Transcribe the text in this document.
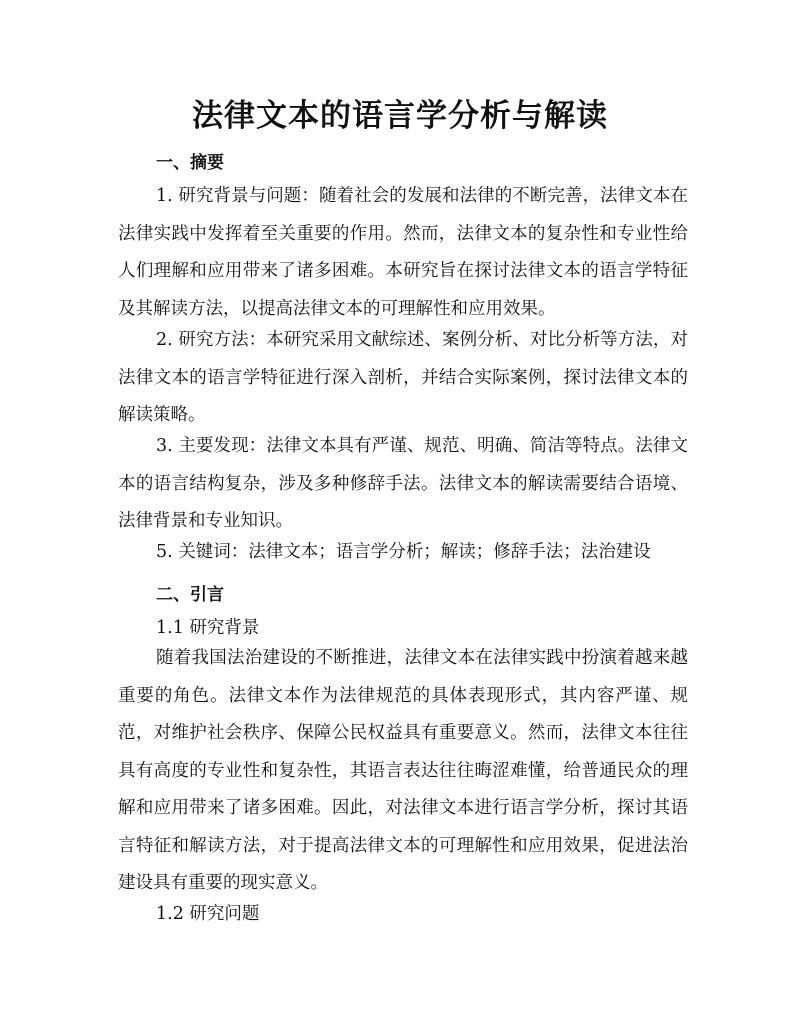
法律文本的语言学分析与解读
一、摘要

1. 研究背景与问题：随着社会的发展和法律的不断完善，法律文本在法律实践中发挥着至关重要的作用。然而，法律文本的复杂性和专业性给人们理解和应用带来了诸多困难。本研究旨在探讨法律文本的语言学特征及其解读方法，以提高法律文本的可理解性和应用效果。

2. 研究方法：本研究采用文献综述、案例分析、对比分析等方法，对法律文本的语言学特征进行深入剖析，并结合实际案例，探讨法律文本的解读策略。

3. 主要发现：法律文本具有严谨、规范、明确、简洁等特点。法律文本的语言结构复杂，涉及多种修辞手法。法律文本的解读需要结合语境、法律背景和专业知识。

5. 关键词：法律文本；语言学分析；解读；修辞手法；法治建设

二、引言
1.1 研究背景

随着我国法治建设的不断推进，法律文本在法律实践中扮演着越来越重要的角色。法律文本作为法律规范的具体表现形式，其内容严谨、规范，对维护社会秩序、保障公民权益具有重要意义。然而，法律文本往往具有高度的专业性和复杂性，其语言表达往往晦涩难懂，给普通民众的理解和应用带来了诸多困难。因此，对法律文本进行语言学分析，探讨其语言特征和解读方法，对于提高法律文本的可理解性和应用效果，促进法治建设具有重要的现实意义。

1.2 研究问题
